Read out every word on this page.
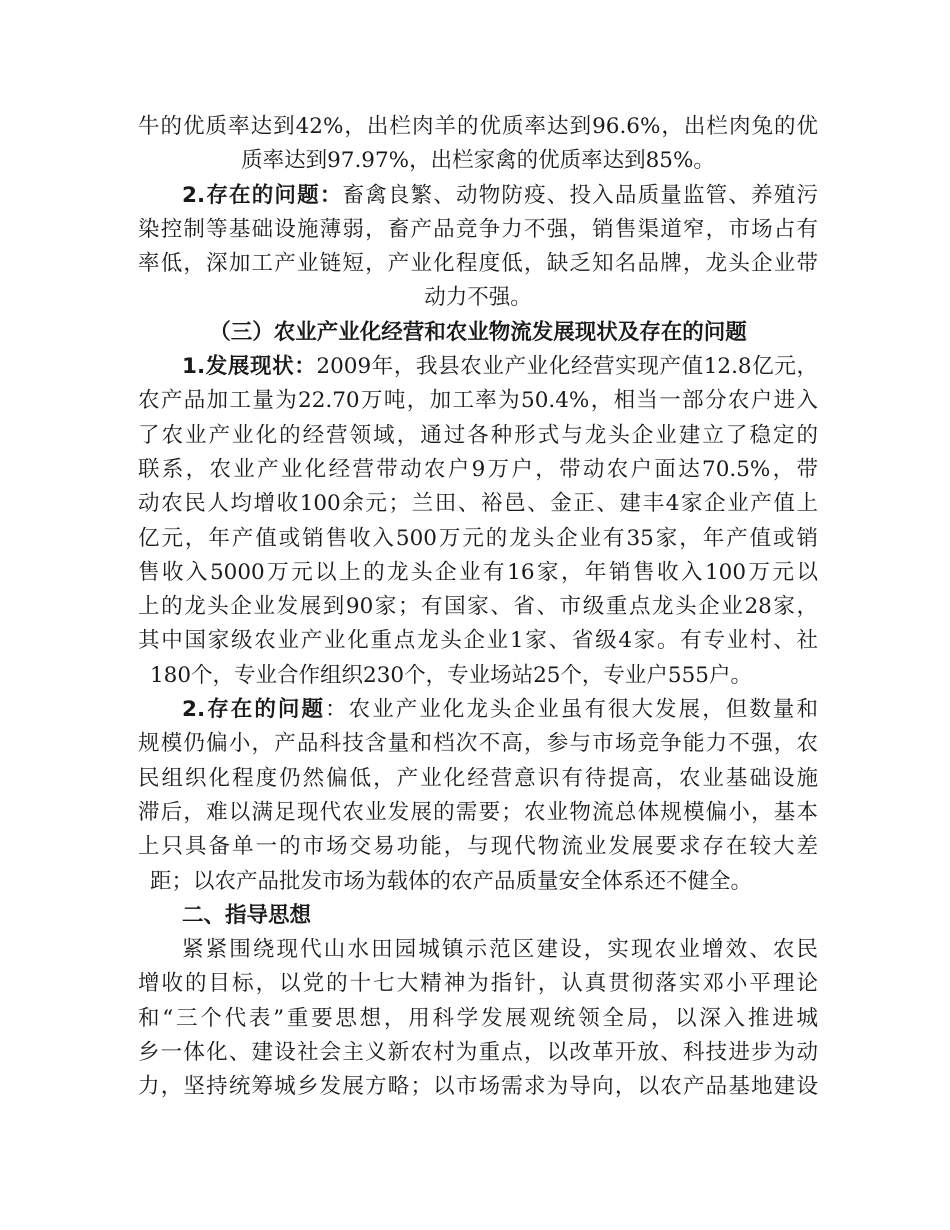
牛的优质率达到42%，出栏肉羊的优质率达到96.6%，出栏肉兔的优
质率达到97.97%，出栏家禽的优质率达到85%。
2.存在的问题：畜禽良繁、动物防疫、投入品质量监管、养殖污
染控制等基础设施薄弱，畜产品竞争力不强，销售渠道窄，市场占有
率低，深加工产业链短，产业化程度低，缺乏知名品牌，龙头企业带
动力不强。
（三）农业产业化经营和农业物流发展现状及存在的问题
1.发展现状：2009年，我县农业产业化经营实现产值12.8亿元，
农产品加工量为22.70万吨，加工率为50.4%，相当一部分农户进入
了农业产业化的经营领域，通过各种形式与龙头企业建立了稳定的
联系，农业产业化经营带动农户9万户，带动农户面达70.5%，带
动农民人均增收100余元；兰田、裕邑、金正、建丰4家企业产值上
亿元，年产值或销售收入500万元的龙头企业有35家，年产值或销
售收入5000万元以上的龙头企业有16家，年销售收入100万元以
上的龙头企业发展到90家；有国家、省、市级重点龙头企业28家，
其中国家级农业产业化重点龙头企业1家、省级4家。有专业村、社
180个，专业合作组织230个，专业场站25个，专业户555户。
2.存在的问题：农业产业化龙头企业虽有很大发展，但数量和
规模仍偏小，产品科技含量和档次不高，参与市场竞争能力不强，农
民组织化程度仍然偏低，产业化经营意识有待提高，农业基础设施
滞后，难以满足现代农业发展的需要；农业物流总体规模偏小，基本
上只具备单一的市场交易功能，与现代物流业发展要求存在较大差
距；以农产品批发市场为载体的农产品质量安全体系还不健全。
二、指导思想
紧紧围绕现代山水田园城镇示范区建设，实现农业增效、农民
增收的目标，以党的十七大精神为指针，认真贯彻落实邓小平理论
和“三个代表”重要思想，用科学发展观统领全局，以深入推进城
乡一体化、建设社会主义新农村为重点，以改革开放、科技进步为动
力，坚持统筹城乡发展方略；以市场需求为导向，以农产品基地建设
